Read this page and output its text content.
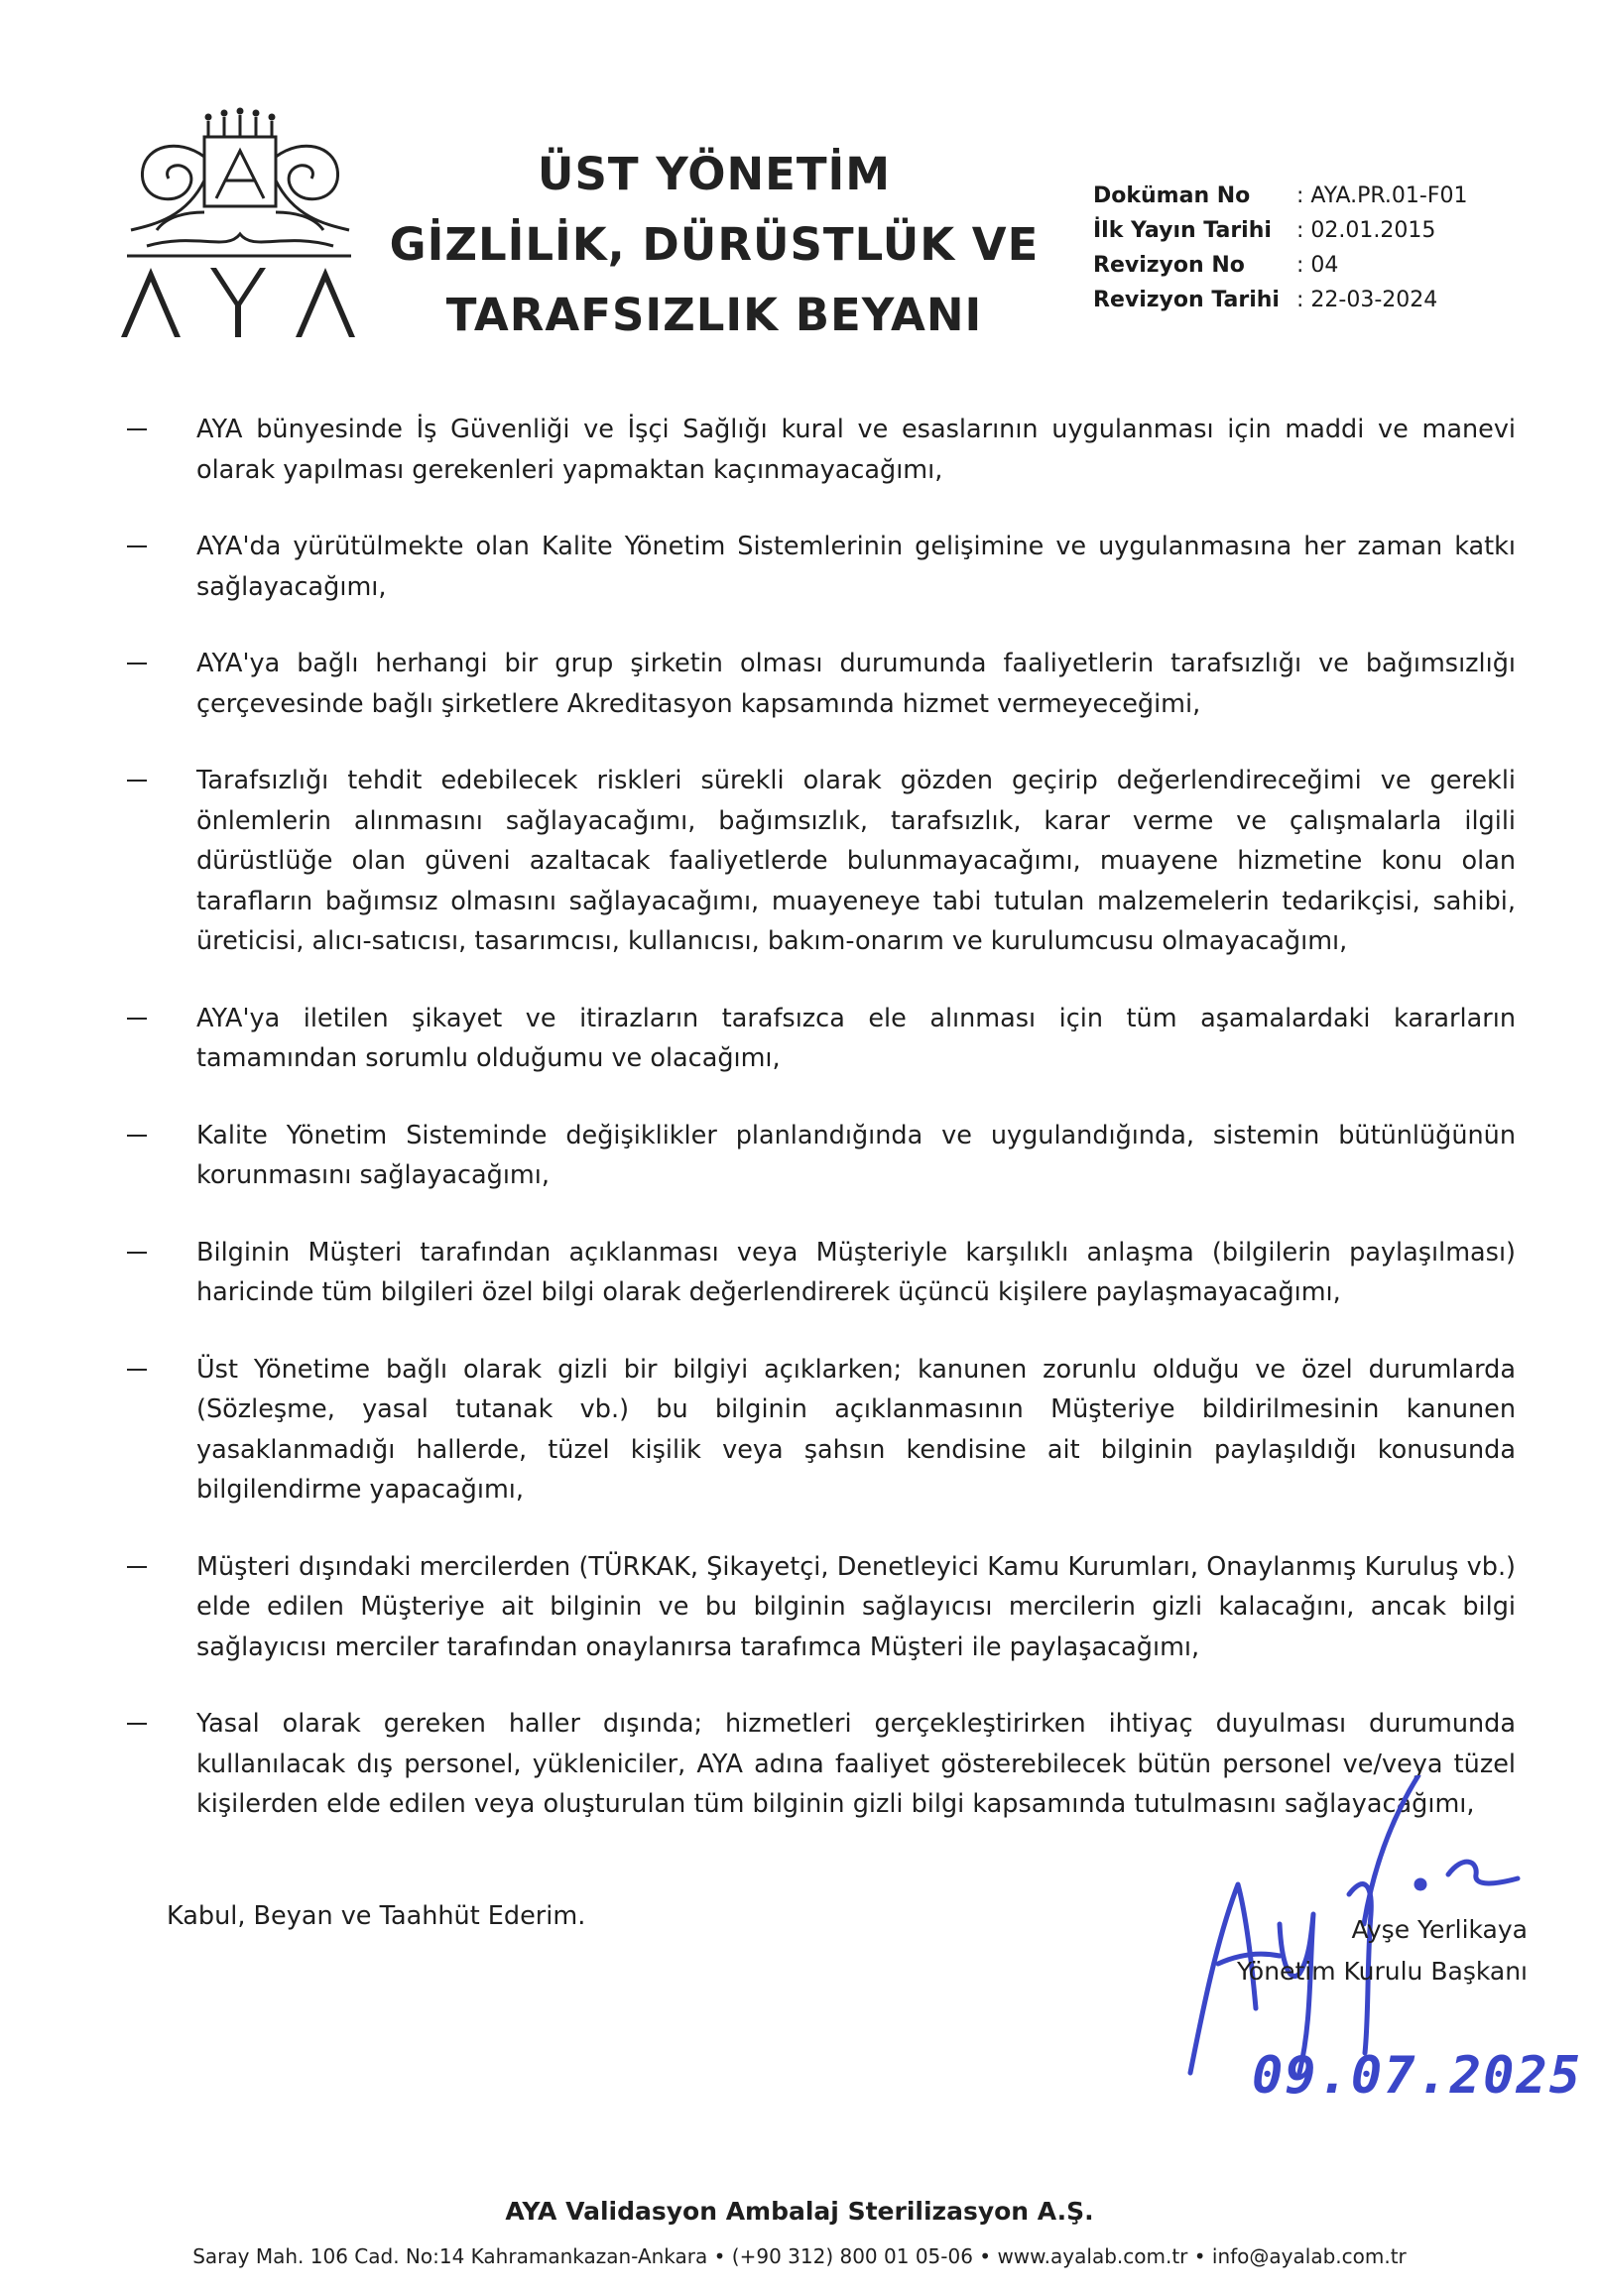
ÜST YÖNETİM
GİZLİLİK, DÜRÜSTLÜK VE
TARAFSIZLIK BEYANI
Doküman No	: AYA.PR.01-F01
İlk Yayın Tarihi	: 02.01.2015
Revizyon No	: 04
Revizyon Tarihi : 22-03-2024
AYA bünyesinde İş Güvenliği ve İşçi Sağlığı kural ve esaslarının uygulanması için maddi ve manevi olarak yapılması gerekenleri yapmaktan kaçınmayacağımı,
AYA'da yürütülmekte olan Kalite Yönetim Sistemlerinin gelişimine ve uygulanmasına her zaman katkı sağlayacağımı,
AYA'ya bağlı herhangi bir grup şirketin olması durumunda faaliyetlerin tarafsızlığı ve bağımsızlığı çerçevesinde bağlı şirketlere Akreditasyon kapsamında hizmet vermeyeceğimi,
Tarafsızlığı tehdit edebilecek riskleri sürekli olarak gözden geçirip değerlendireceğimi ve gerekli önlemlerin alınmasını sağlayacağımı, bağımsızlık, tarafsızlık, karar verme ve çalışmalarla ilgili dürüstlüğe olan güveni azaltacak faaliyetlerde bulunmayacağımı, muayene hizmetine konu olan tarafların bağımsız olmasını sağlayacağımı, muayeneye tabi tutulan malzemelerin tedarikçisi, sahibi, üreticisi, alıcı-satıcısı, tasarımcısı, kullanıcısı, bakım-onarım ve kurulumcusu olmayacağımı,
AYA'ya iletilen şikayet ve itirazların tarafsızca ele alınması için tüm aşamalardaki kararların tamamından sorumlu olduğumu ve olacağımı,
Kalite Yönetim Sisteminde değişiklikler planlandığında ve uygulandığında, sistemin bütünlüğünün korunmasını sağlayacağımı,
Bilginin Müşteri tarafından açıklanması veya Müşteriyle karşılıklı anlaşma (bilgilerin paylaşılması) haricinde tüm bilgileri özel bilgi olarak değerlendirerek üçüncü kişilere paylaşmayacağımı,
Üst Yönetime bağlı olarak gizli bir bilgiyi açıklarken; kanunen zorunlu olduğu ve özel durumlarda (Sözleşme, yasal tutanak vb.) bu bilginin açıklanmasının Müşteriye bildirilmesinin kanunen yasaklanmadığı hallerde, tüzel kişilik veya şahsın kendisine ait bilginin paylaşıldığı konusunda bilgilendirme yapacağımı,
Müşteri dışındaki mercilerden (TÜRKAK, Şikayetçi, Denetleyici Kamu Kurumları, Onaylanmış Kuruluş vb.) elde edilen Müşteriye ait bilginin ve bu bilginin sağlayıcısı mercilerin gizli kalacağını, ancak bilgi sağlayıcısı merciler tarafından onaylanırsa tarafımca Müşteri ile paylaşacağımı,
Yasal olarak gereken haller dışında; hizmetleri gerçekleştirirken ihtiyaç duyulması durumunda kullanılacak dış personel, yükleniciler, AYA adına faaliyet gösterebilecek bütün personel ve/veya tüzel kişilerden elde edilen veya oluşturulan tüm bilginin gizli bilgi kapsamında tutulmasını sağlayacağımı,
Kabul, Beyan ve Taahhüt Ederim.	Ayşe Yerlikaya
Yönetim Kurulu Başkanı
09.07.2025
AYA Validasyon Ambalaj Sterilizasyon A.Ş.
Saray Mah. 106 Cad. No:14 Kahramankazan-Ankara • (+90 312) 800 01 05-06 • www.ayalab.com.tr • info@ayalab.com.tr
